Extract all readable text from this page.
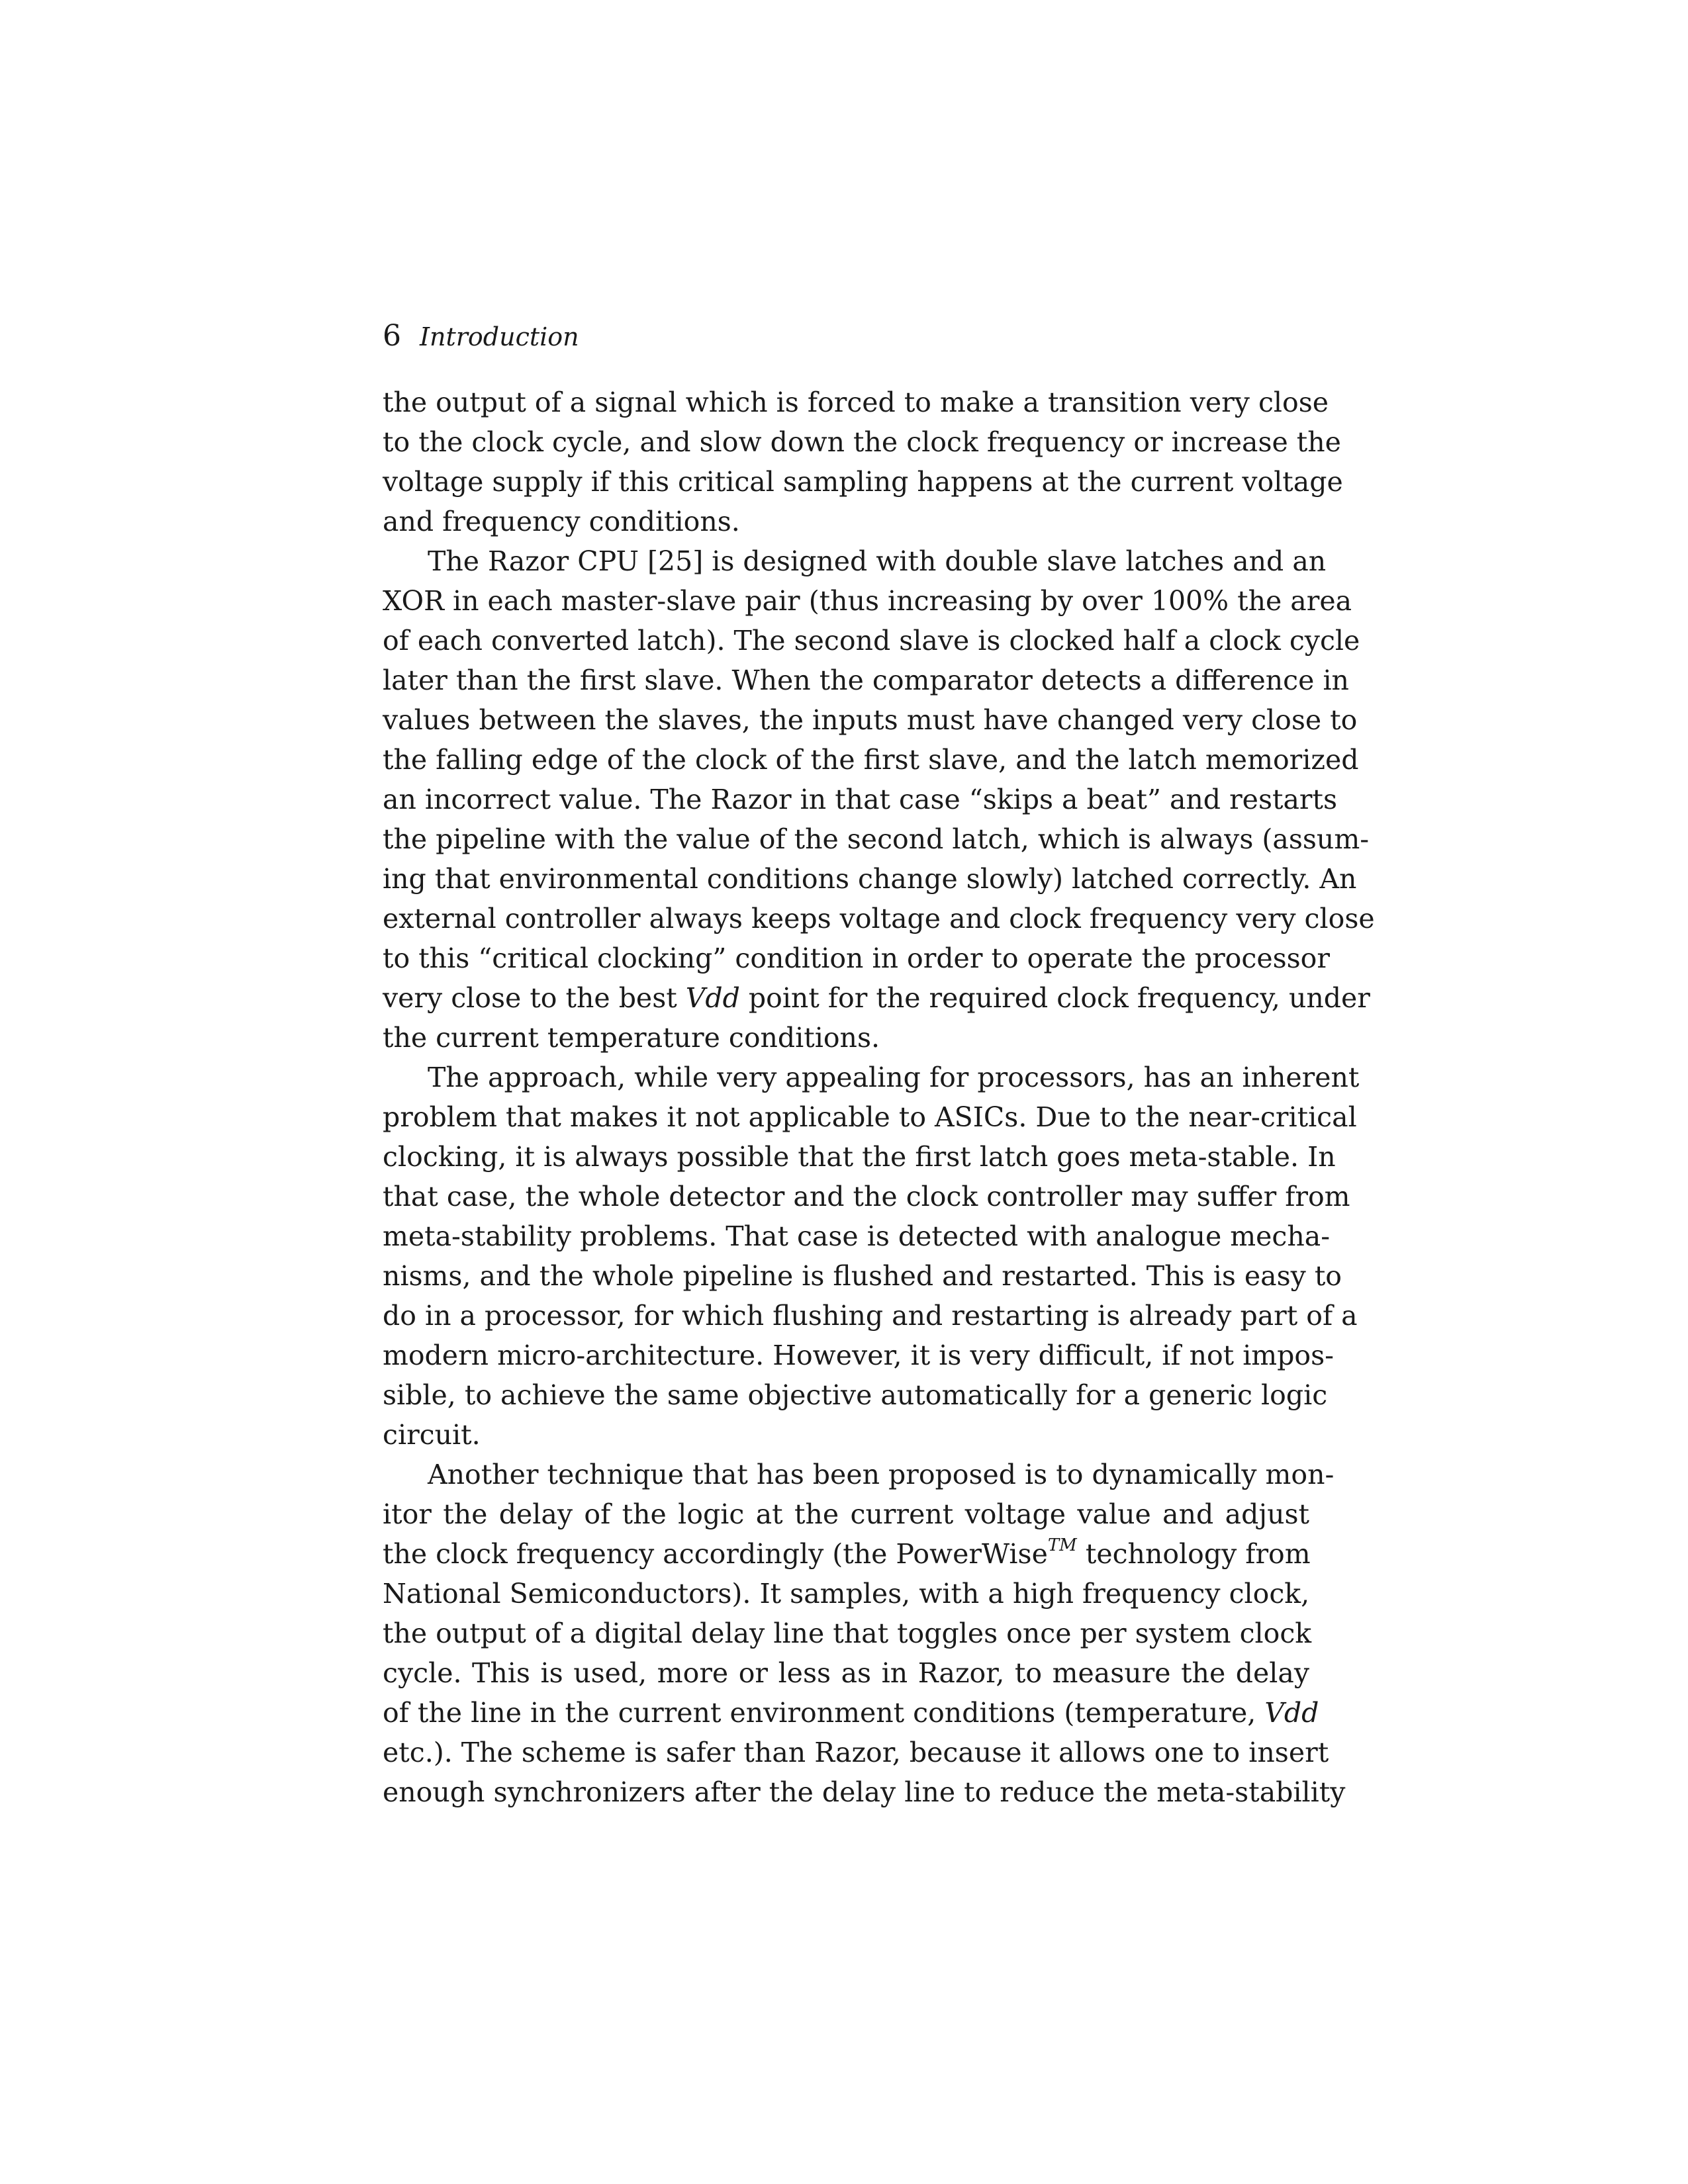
6 Introduction
the output of a signal which is forced to make a transition very close
to the clock cycle, and slow down the clock frequency or increase the
voltage supply if this critical sampling happens at the current voltage
and frequency conditions.
The Razor CPU [25] is designed with double slave latches and an
XOR in each master-slave pair (thus increasing by over 100% the area
of each converted latch). The second slave is clocked half a clock cycle
later than the first slave. When the comparator detects a difference in
values between the slaves, the inputs must have changed very close to
the falling edge of the clock of the first slave, and the latch memorized
an incorrect value. The Razor in that case “skips a beat” and restarts
the pipeline with the value of the second latch, which is always (assum-
ing that environmental conditions change slowly) latched correctly. An
external controller always keeps voltage and clock frequency very close
to this “critical clocking” condition in order to operate the processor
very close to the best Vdd point for the required clock frequency, under
the current temperature conditions.
The approach, while very appealing for processors, has an inherent
problem that makes it not applicable to ASICs. Due to the near-critical
clocking, it is always possible that the first latch goes meta-stable. In
that case, the whole detector and the clock controller may suffer from
meta-stability problems. That case is detected with analogue mecha-
nisms, and the whole pipeline is flushed and restarted. This is easy to
do in a processor, for which flushing and restarting is already part of a
modern micro-architecture. However, it is very difficult, if not impos-
sible, to achieve the same objective automatically for a generic logic
circuit.
Another technique that has been proposed is to dynamically mon-
itor the delay of the logic at the current voltage value and adjust
the clock frequency accordingly (the PowerWise™ technology from
National Semiconductors). It samples, with a high frequency clock,
the output of a digital delay line that toggles once per system clock
cycle. This is used, more or less as in Razor, to measure the delay
of the line in the current environment conditions (temperature, Vdd
etc.). The scheme is safer than Razor, because it allows one to insert
enough synchronizers after the delay line to reduce the meta-stability
